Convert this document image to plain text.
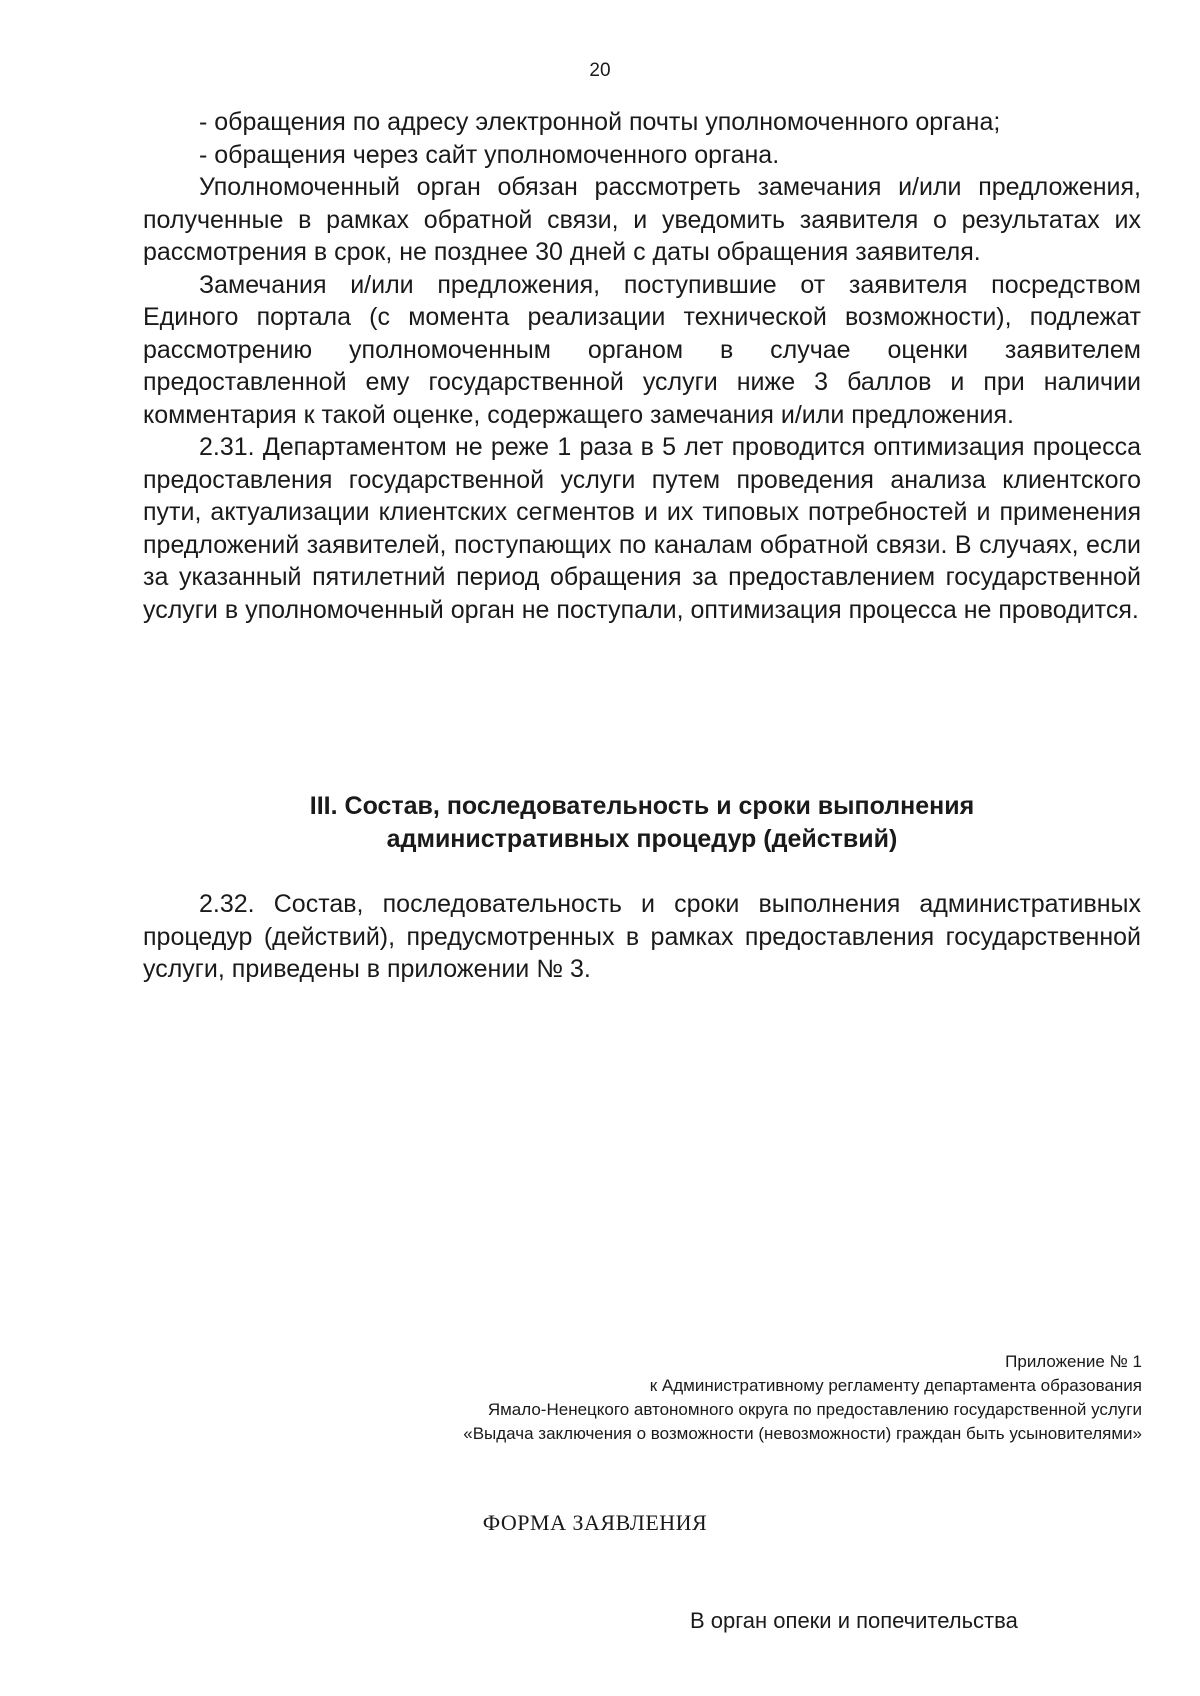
20

- обращения по адресу электронной почты уполномоченного органа;

- обращения через сайт уполномоченного органа.

Уполномоченный орган обязан рассмотреть замечания и/или предложения, полученные в рамках обратной связи, и уведомить заявителя о результатах их рассмотрения в срок, не позднее 30 дней с даты обращения заявителя.

Замечания и/или предложения, поступившие от заявителя посредством Единого портала (с момента реализации технической возможности), подлежат рассмотрению уполномоченным органом в случае оценки заявителем предоставленной ему государственной услуги ниже 3 баллов и при наличии комментария к такой оценке, содержащего замечания и/или предложения.

2.31. Департаментом не реже 1 раза в 5 лет проводится оптимизация процесса предоставления государственной услуги путем проведения анализа клиентского пути, актуализации клиентских сегментов и их типовых потребностей и применения предложений заявителей, поступающих по каналам обратной связи. В случаях, если за указанный пятилетний период обращения за предоставлением государственной услуги в уполномоченный орган не поступали, оптимизация процесса не проводится.

III. Состав, последовательность и сроки выполнения
административных процедур (действий)

2.32. Состав, последовательность и сроки выполнения административных процедур (действий), предусмотренных в рамках предоставления государственной услуги, приведены в приложении № 3.

Приложение № 1
к Административному регламенту департамента образования
Ямало-Ненецкого автономного округа по предоставлению государственной услуги
«Выдача заключения о возможности (невозможности) граждан быть усыновителями»
ФОРМА ЗАЯВЛЕНИЯ
В орган опеки и попечительства
